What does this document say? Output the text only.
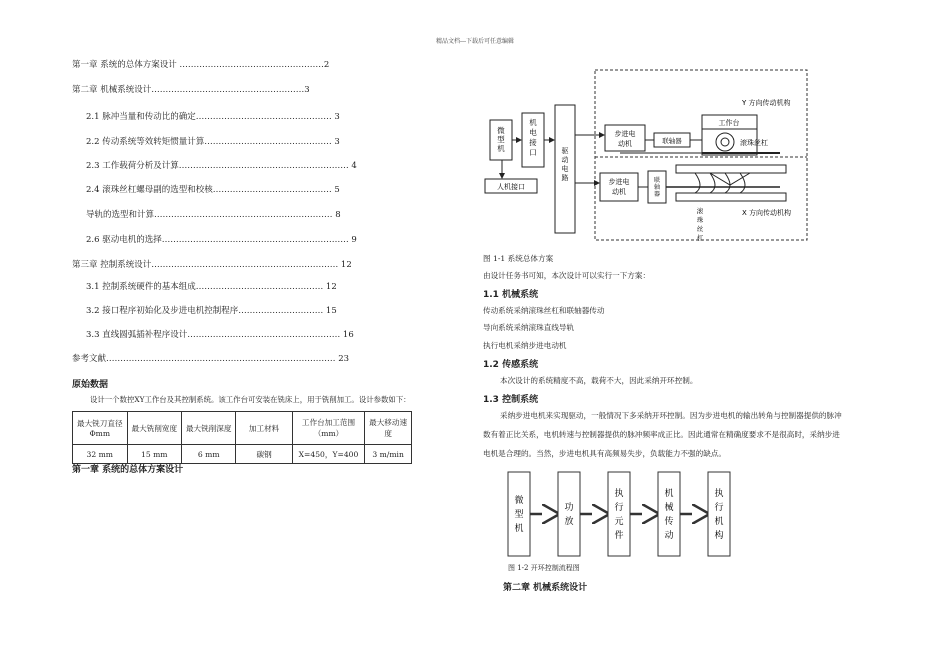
精品文档---下载后可任意编辑
第一章 系统的总体方案设计 ……………………………………………2
第二章 机械系统设计………………………………………………3
2.1 脉冲当量和传动比的确定………………………………………… 3
2.2 传动系统等效转矩惯量计算……………………………………… 3
2.3 工作载荷分析及计算…………………………………………………… 4
2.4 滚珠丝杠螺母副的选型和校核…………………………………… 5
导轨的选型和计算……………………………………………………… 8
2.6 驱动电机的选择………………………………………………………… 9
第三章 控制系统设计………………………………………………………… 12
3.1 控制系统硬件的基本组成……………………………………… 12
3.2 接口程序初始化及步进电机控制程序………………………… 15
3.3 直线圆弧插补程序设计……………………………………………… 16
参考文献……………………………………………………………………… 23
原始数据
设计一个数控XY工作台及其控制系统。该工作台可安装在铣床上，用于铣削加工。设计参数如下：
最大铣刀直径Φmm	最大铣削宽度	最大铣削深度	加工材料	工作台加工范围（mm）	最大移动速度
32 mm	15 mm	6 mm	碳钢	X=450，Y=400	3 m/min
第一章 系统的总体方案设计
微型机
机电接口
人机接口
驱动电路
步进电动机	联轴器
工作台
滚珠丝杠
Y 方向传动机构
步进电动机
联轴器
滚珠丝杠
X 方向传动机构
图 1-1 系统总体方案
由设计任务书可知，本次设计可以实行一下方案：
1.1 机械系统
传动系统采纳滚珠丝杠和联轴器传动
导向系统采纳滚珠直线导轨
执行电机采纳步进电动机
1.2 传感系统
本次设计的系统精度不高，载荷不大，因此采纳开环控制。
1.3 控制系统
采纳步进电机来实现驱动，一般情况下多采纳开环控制。因为步进电机的输出转角与控制器提供的脉冲
数有着正比关系，电机转速与控制器提供的脉冲频率成正比。因此通常在精确度要求不是很高时，采纳步进
电机是合理的。当然，步进电机具有高频易失步，负载能力不强的缺点。
微型机
功放
执行元件
机械传动
执行机构
图 1-2 开环控制流程图
第二章 机械系统设计
